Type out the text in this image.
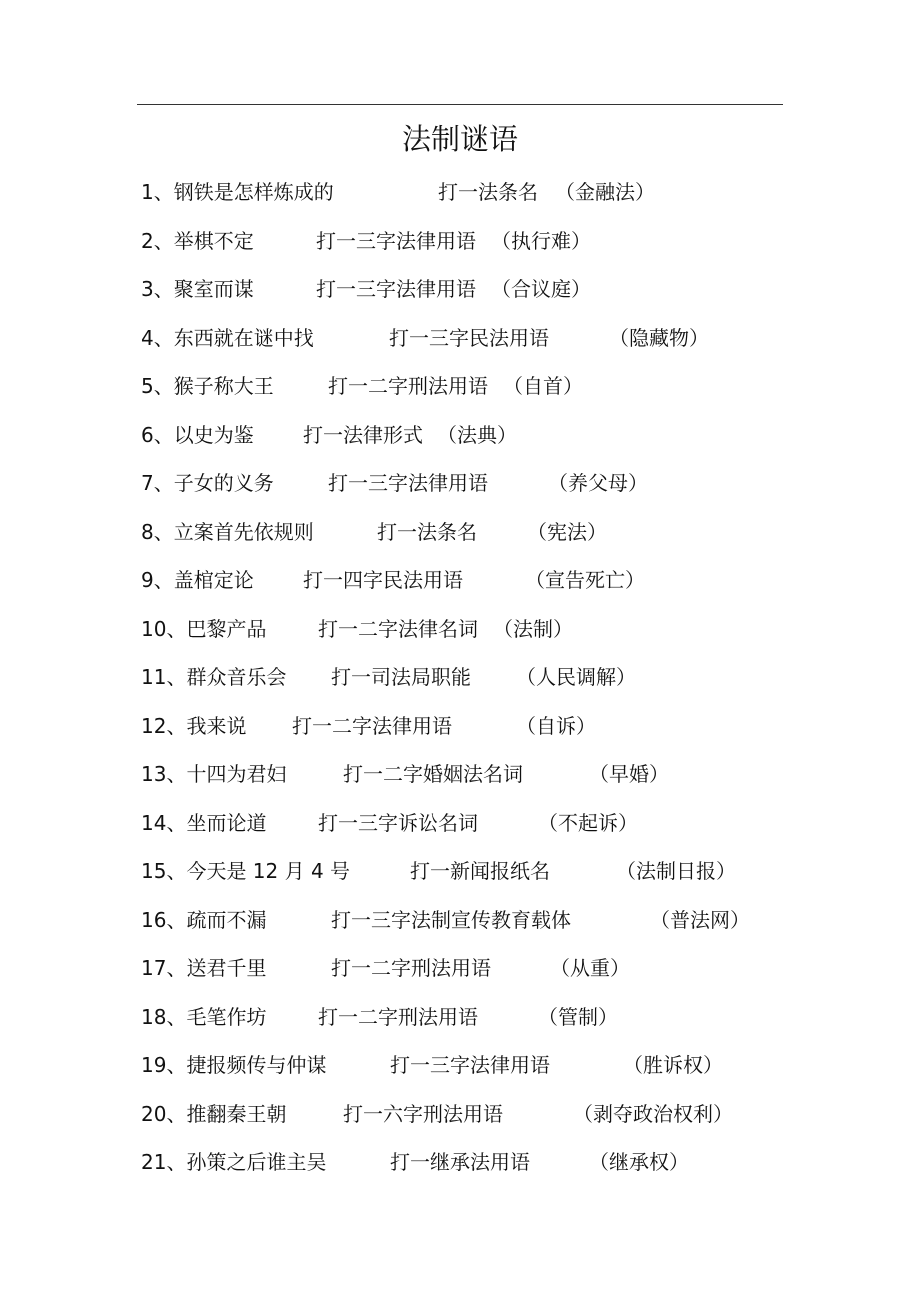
法制谜语
1、钢铁是怎样炼成的	打一法条名 （金融法）
2、举棋不定	打一三字法律用语 （执行难）
3、聚室而谋	打一三字法律用语 （合议庭）
4、东西就在谜中找	打一三字民法用语	（隐藏物）
5、猴子称大王	打一二字刑法用语 （自首）
6、以史为鉴 打一法律形式 （法典）
7、子女的义务	打一三字法律用语	（养父母）
8、立案首先依规则	打一法条名	（宪法）
9、盖棺定论 打一四字民法用语	（宣告死亡）
10、巴黎产品	打一二字法律名词 （法制）
11、群众音乐会 打一司法局职能 （人民调解）
12、我来说 打一二字法律用语	（自诉）
13、十四为君妇	打一二字婚姻法名词	（早婚）
14、坐而论道	打一三字诉讼名词	（不起诉）
15、今天是 12 月 4 号	打一新闻报纸名	（法制日报）
16、疏而不漏	打一三字法制宣传教育载体	（普法网）
17、送君千里	打一二字刑法用语	（从重）
18、毛笔作坊	打一二字刑法用语	（管制）
19、捷报频传与仲谋	打一三字法律用语	（胜诉权）
20、推翻秦王朝	打一六字刑法用语	（剥夺政治权利）
21、孙策之后谁主吴	打一继承法用语	（继承权）
